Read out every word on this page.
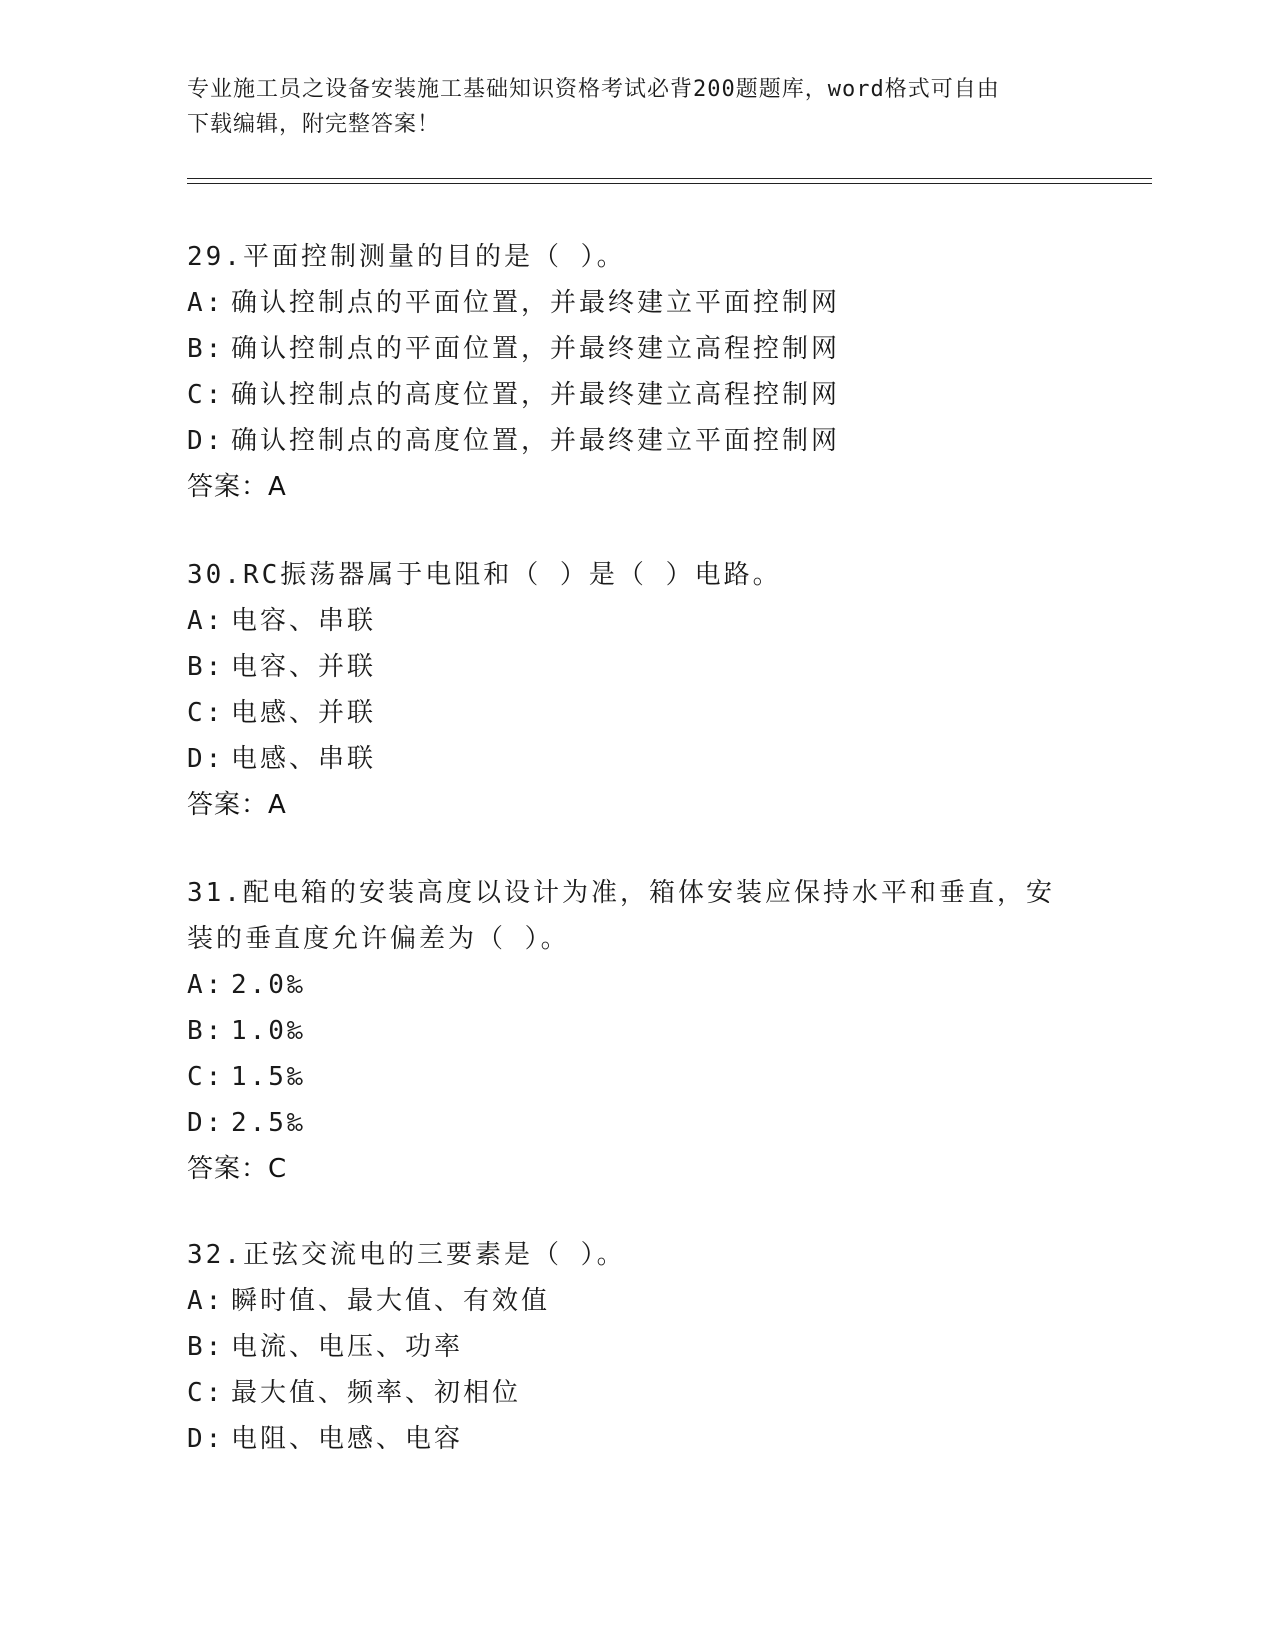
专业施工员之设备安装施工基础知识资格考试必背200题题库，word格式可自由
下载编辑，附完整答案！
29.平面控制测量的目的是（ ）。
A: 确认控制点的平面位置，并最终建立平面控制网
B: 确认控制点的平面位置，并最终建立高程控制网
C: 确认控制点的高度位置，并最终建立高程控制网
D: 确认控制点的高度位置，并最终建立平面控制网
答案：A
30.RC振荡器属于电阻和（ ）是（ ）电路。
A: 电容、串联
B: 电容、并联
C: 电感、并联
D: 电感、串联
答案：A
31.配电箱的安装高度以设计为准，箱体安装应保持水平和垂直，安装的垂直度允许偏差为（ ）。
A: 2.0‰
B: 1.0‰
C: 1.5‰
D: 2.5‰
答案：C
32.正弦交流电的三要素是（ ）。
A: 瞬时值、最大值、有效值
B: 电流、电压、功率
C: 最大值、频率、初相位
D: 电阻、电感、电容
